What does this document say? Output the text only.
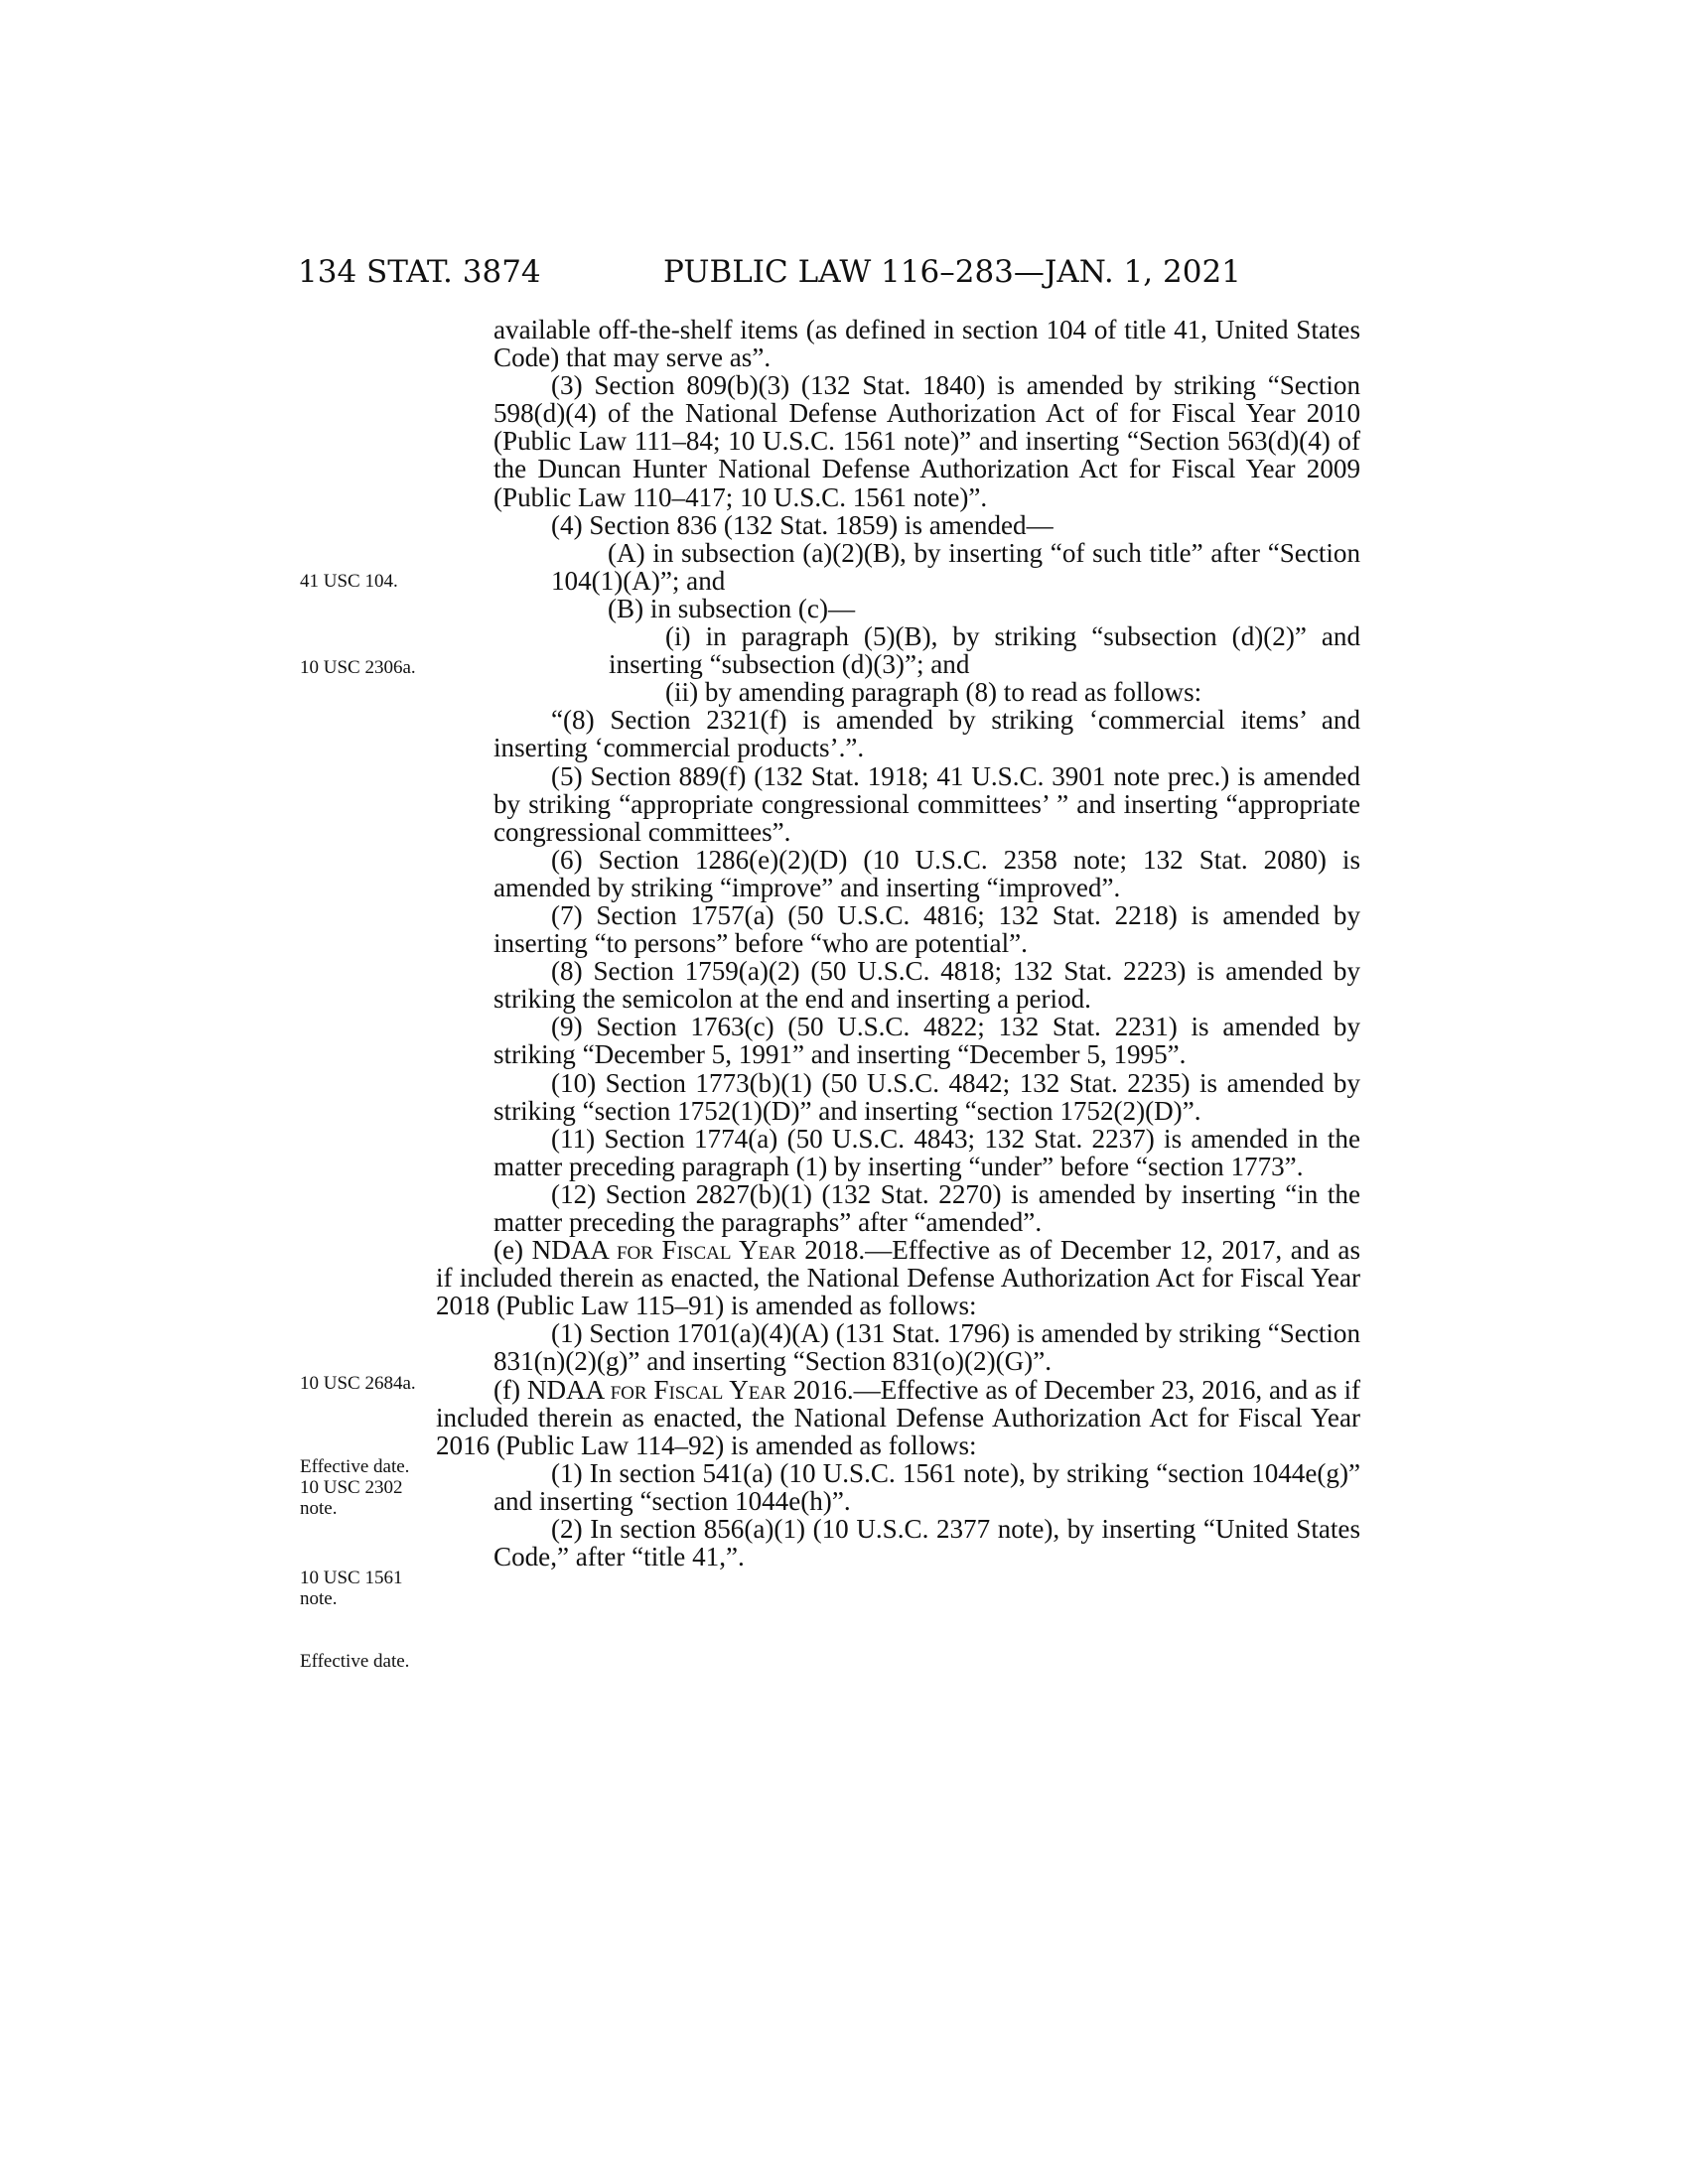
134 STAT. 3874	PUBLIC LAW 116–283—JAN. 1, 2021
41 USC 104.
10 USC 2306a.
10 USC 2684a.
Effective date.
10 USC 2302
note.
10 USC 1561
note.
Effective date.

available off-the-shelf items (as defined in section 104 of title 41, United States Code) that may serve as”.

(3) Section 809(b)(3) (132 Stat. 1840) is amended by striking “Section 598(d)(4) of the National Defense Authorization Act of for Fiscal Year 2010 (Public Law 111–84; 10 U.S.C. 1561 note)” and inserting “Section 563(d)(4) of the Duncan Hunter National Defense Authorization Act for Fiscal Year 2009 (Public Law 110–417; 10 U.S.C. 1561 note)”.

(4) Section 836 (132 Stat. 1859) is amended—

(A) in subsection (a)(2)(B), by inserting “of such title” after “Section 104(1)(A)”; and

(B) in subsection (c)—

(i) in paragraph (5)(B), by striking “subsection (d)(2)” and inserting “subsection (d)(3)”; and

(ii) by amending paragraph (8) to read as follows:

“(8) Section 2321(f) is amended by striking ‘commercial items’ and inserting ‘commercial products’.”.

(5) Section 889(f) (132 Stat. 1918; 41 U.S.C. 3901 note prec.) is amended by striking “appropriate congressional committees’ ” and inserting “appropriate congressional committees”.

(6) Section 1286(e)(2)(D) (10 U.S.C. 2358 note; 132 Stat. 2080) is amended by striking “improve” and inserting “improved”.

(7) Section 1757(a) (50 U.S.C. 4816; 132 Stat. 2218) is amended by inserting “to persons” before “who are potential”.

(8) Section 1759(a)(2) (50 U.S.C. 4818; 132 Stat. 2223) is amended by striking the semicolon at the end and inserting a period.

(9) Section 1763(c) (50 U.S.C. 4822; 132 Stat. 2231) is amended by striking “December 5, 1991” and inserting “December 5, 1995”.

(10) Section 1773(b)(1) (50 U.S.C. 4842; 132 Stat. 2235) is amended by striking “section 1752(1)(D)” and inserting “section 1752(2)(D)”.

(11) Section 1774(a) (50 U.S.C. 4843; 132 Stat. 2237) is amended in the matter preceding paragraph (1) by inserting “under” before “section 1773”.

(12) Section 2827(b)(1) (132 Stat. 2270) is amended by inserting “in the matter preceding the paragraphs” after “amended”.

(e) NDAA for Fiscal Year 2018.—Effective as of December 12, 2017, and as if included therein as enacted, the National Defense Authorization Act for Fiscal Year 2018 (Public Law 115–91) is amended as follows:

(1) Section 1701(a)(4)(A) (131 Stat. 1796) is amended by striking “Section 831(n)(2)(g)” and inserting “Section 831(o)(2)(G)”.

(f) NDAA for Fiscal Year 2016.—Effective as of December 23, 2016, and as if included therein as enacted, the National Defense Authorization Act for Fiscal Year 2016 (Public Law 114–92) is amended as follows:

(1) In section 541(a) (10 U.S.C. 1561 note), by striking “section 1044e(g)” and inserting “section 1044e(h)”.

(2) In section 856(a)(1) (10 U.S.C. 2377 note), by inserting “United States Code,” after “title 41,”.
